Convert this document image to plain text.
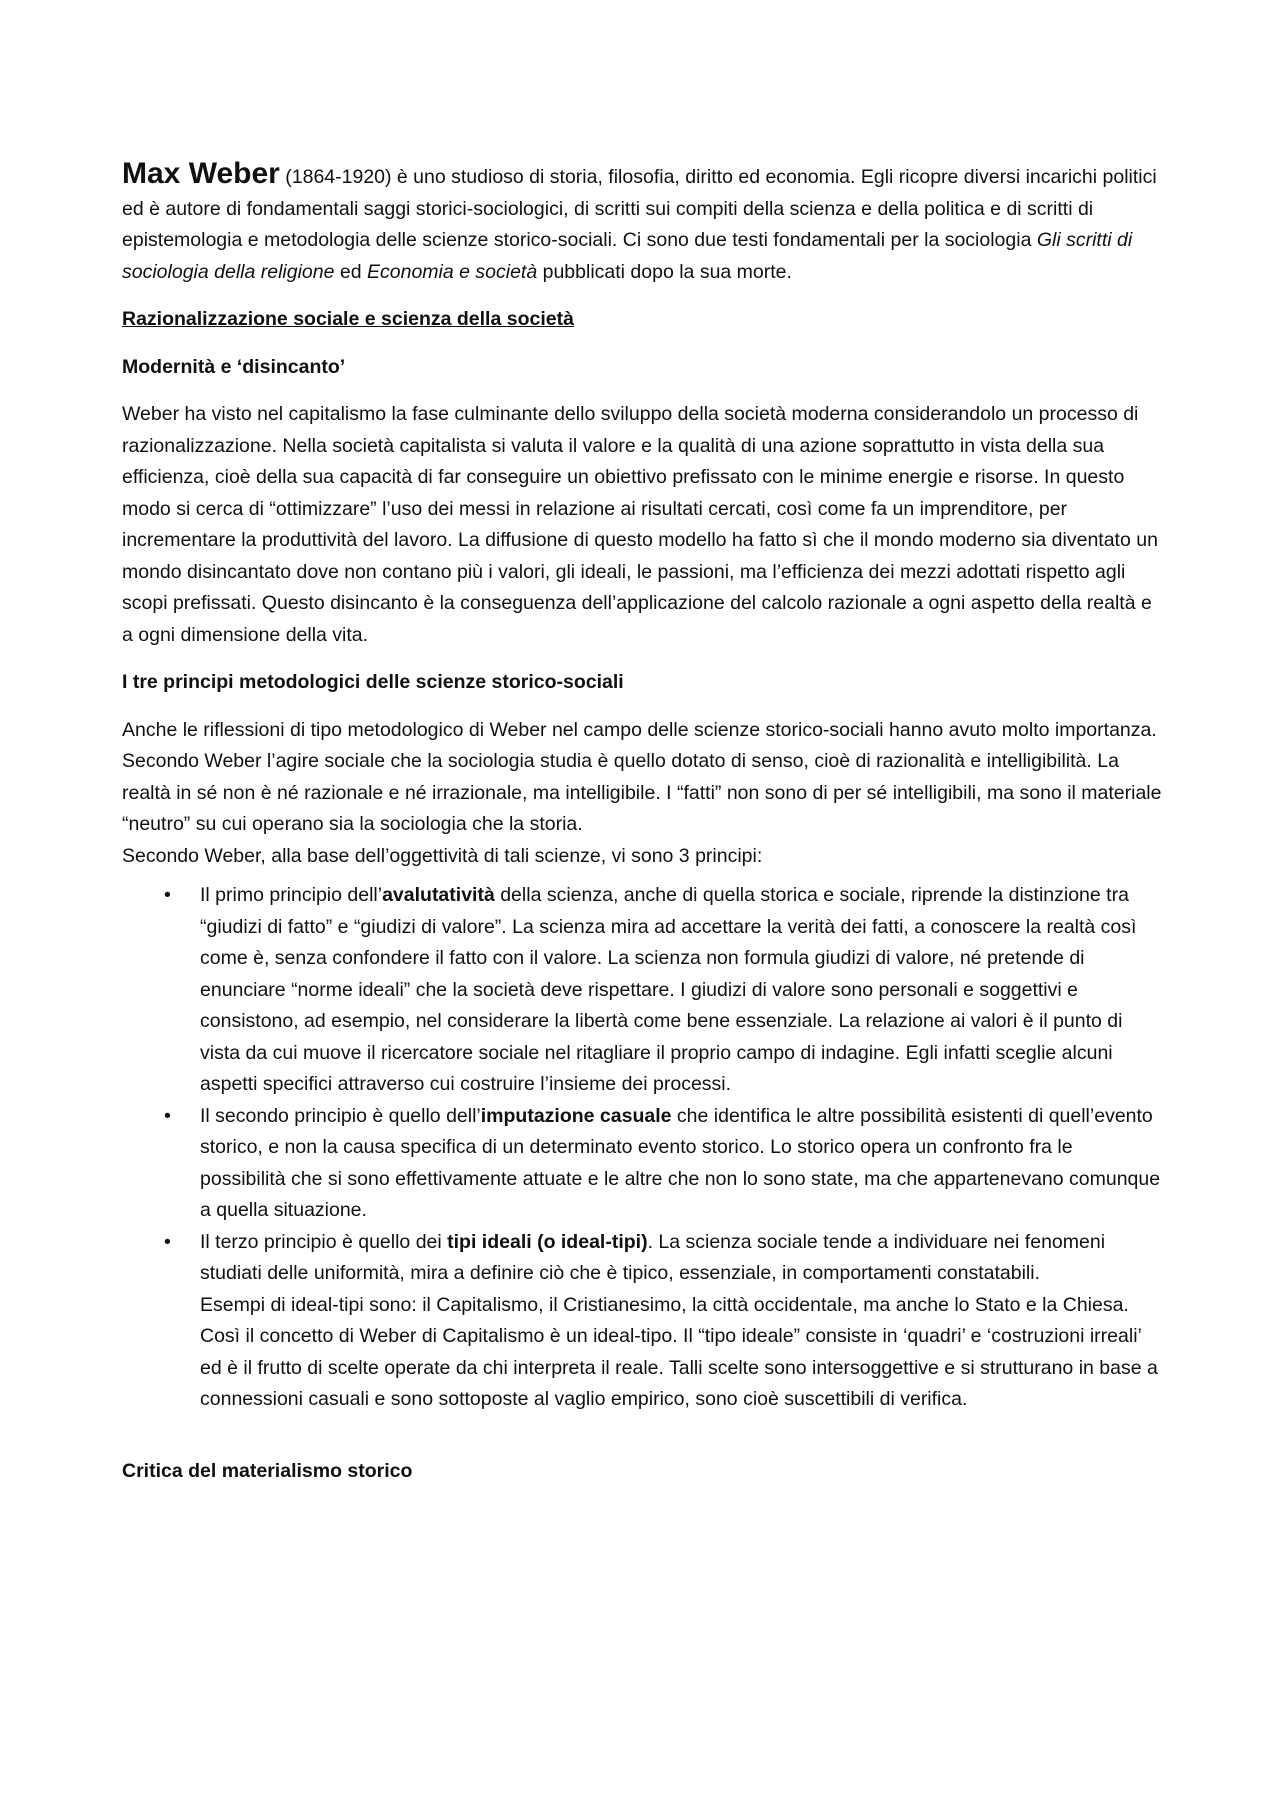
Max Weber (1864-1920) è uno studioso di storia, filosofia, diritto ed economia. Egli ricopre diversi incarichi politici ed è autore di fondamentali saggi storici-sociologici, di scritti sui compiti della scienza e della politica e di scritti di epistemologia e metodologia delle scienze storico-sociali. Ci sono due testi fondamentali per la sociologia Gli scritti di sociologia della religione ed Economia e società pubblicati dopo la sua morte.

Razionalizzazione sociale e scienza della società

Modernità e ‘disincanto’

Weber ha visto nel capitalismo la fase culminante dello sviluppo della società moderna considerandolo un processo di razionalizzazione. Nella società capitalista si valuta il valore e la qualità di una azione soprattutto in vista della sua efficienza, cioè della sua capacità di far conseguire un obiettivo prefissato con le minime energie e risorse. In questo modo si cerca di “ottimizzare” l’uso dei messi in relazione ai risultati cercati, così come fa un imprenditore, per incrementare la produttività del lavoro. La diffusione di questo modello ha fatto sì che il mondo moderno sia diventato un mondo disincantato dove non contano più i valori, gli ideali, le passioni, ma l’efficienza dei mezzi adottati rispetto agli scopi prefissati. Questo disincanto è la conseguenza dell’applicazione del calcolo razionale a ogni aspetto della realtà e a ogni dimensione della vita.

I tre principi metodologici delle scienze storico-sociali

Anche le riflessioni di tipo metodologico di Weber nel campo delle scienze storico-sociali hanno avuto molto importanza.

Secondo Weber l’agire sociale che la sociologia studia è quello dotato di senso, cioè di razionalità e intelligibilità. La realtà in sé non è né razionale e né irrazionale, ma intelligibile. I “fatti” non sono di per sé intelligibili, ma sono il materiale “neutro” su cui operano sia la sociologia che la storia.

Secondo Weber, alla base dell’oggettività di tali scienze, vi sono 3 principi:

• Il primo principio dell’avalutatività della scienza, anche di quella storica e sociale, riprende la distinzione tra “giudizi di fatto” e “giudizi di valore”. La scienza mira ad accettare la verità dei fatti, a conoscere la realtà così come è, senza confondere il fatto con il valore. La scienza non formula giudizi di valore, né pretende di enunciare “norme ideali” che la società deve rispettare. I giudizi di valore sono personali e soggettivi e consistono, ad esempio, nel considerare la libertà come bene essenziale. La relazione ai valori è il punto di vista da cui muove il ricercatore sociale nel ritagliare il proprio campo di indagine. Egli infatti sceglie alcuni aspetti specifici attraverso cui costruire l’insieme dei processi.
• Il secondo principio è quello dell’imputazione casuale che identifica le altre possibilità esistenti di quell’evento storico, e non la causa specifica di un determinato evento storico. Lo storico opera un confronto fra le possibilità che si sono effettivamente attuate e le altre che non lo sono state, ma che appartenevano comunque a quella situazione.
• Il terzo principio è quello dei tipi ideali (o ideal-tipi). La scienza sociale tende a individuare nei fenomeni studiati delle uniformità, mira a definire ciò che è tipico, essenziale, in comportamenti constatabili.
Esempi di ideal-tipi sono: il Capitalismo, il Cristianesimo, la città occidentale, ma anche lo Stato e la Chiesa. Così il concetto di Weber di Capitalismo è un ideal-tipo. Il “tipo ideale” consiste in ‘quadri’ e ‘costruzioni irreali’ ed è il frutto di scelte operate da chi interpreta il reale. Talli scelte sono intersoggettive e si strutturano in base a connessioni casuali e sono sottoposte al vaglio empirico, sono cioè suscettibili di verifica.

Critica del materialismo storico
